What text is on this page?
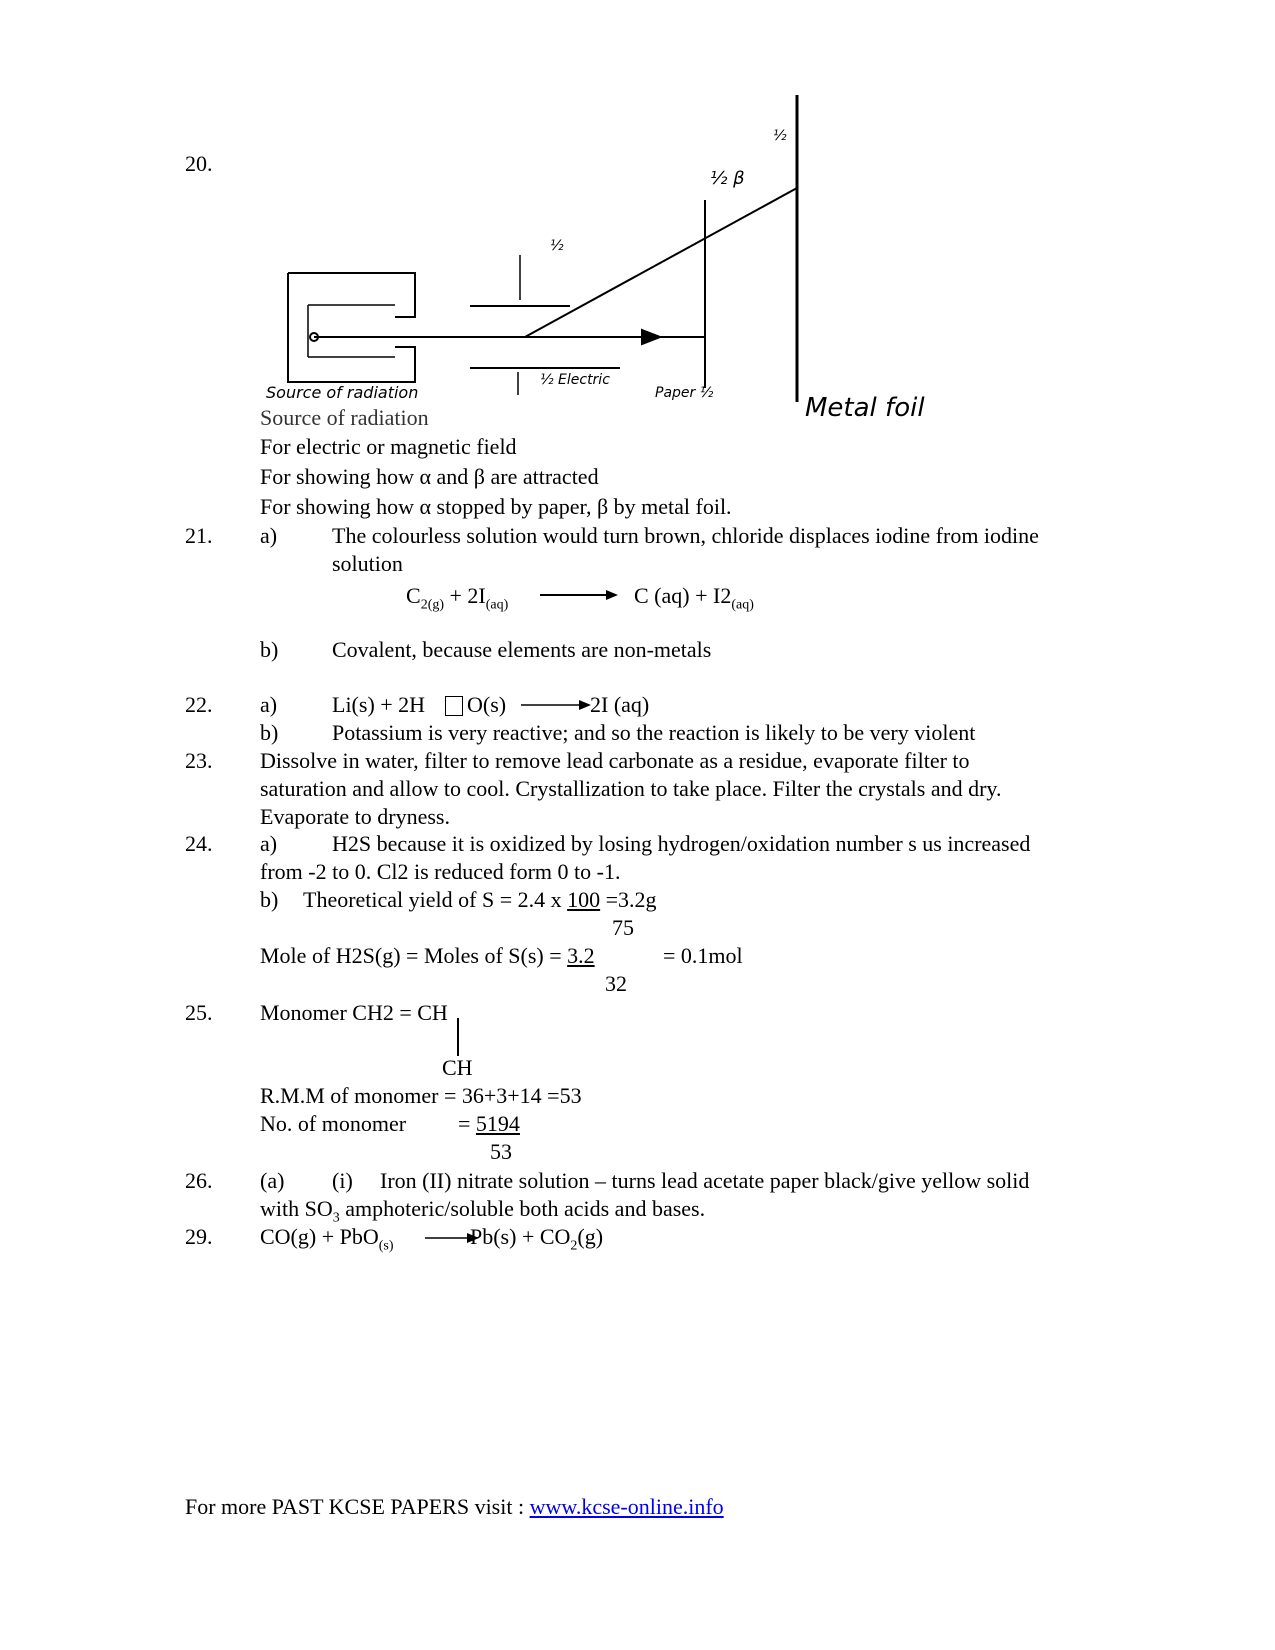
20.
½
½ β
½
½ Electric
Source of radiation	Paper ½	Metal foil
Source of radiation
For electric or magnetic field
For showing how α and β are attracted
For showing how α stopped by paper, β by metal foil.
21. a) The colourless solution would turn brown, chloride displaces iodine from iodine
solution
$C_{2(g)} + 2I_{(aq)}$	C $(aq) + I2_{(aq)}$
b) Covalent, because elements are non-metals
22. a) Li(s) + 2H O(s)	2I (aq)
b) Potassium is very reactive; and so the reaction is likely to be very violent
23. Dissolve in water, filter to remove lead carbonate as a residue, evaporate filter to
saturation and allow to cool. Crystallization to take place. Filter the crystals and dry.
Evaporate to dryness.
24. a) H2S because it is oxidized by losing hydrogen/oxidation number s us increased
from -2 to 0. Cl2 is reduced form 0 to -1.
b) Theoretical yield of S = 2.4 x 100 =3.2g
75
Mole of H2S(g) = Moles of S(s) = 3.2	= 0.1mol
32
25. Monomer CH2 = CH
CH
R.M.M of monomer = 36+3+14 =53
No. of monomer = 5194
53
26. (a) (i) Iron (II) nitrate solution – turns lead acetate paper black/give yellow solid
with $SO_3$ amphoteric/soluble both acids and bases.
29. CO(g) + PbO$_{(s)}$	$Pb(s) + CO_2(g)$
For more PAST KCSE PAPERS visit : www.kcse-online.info
